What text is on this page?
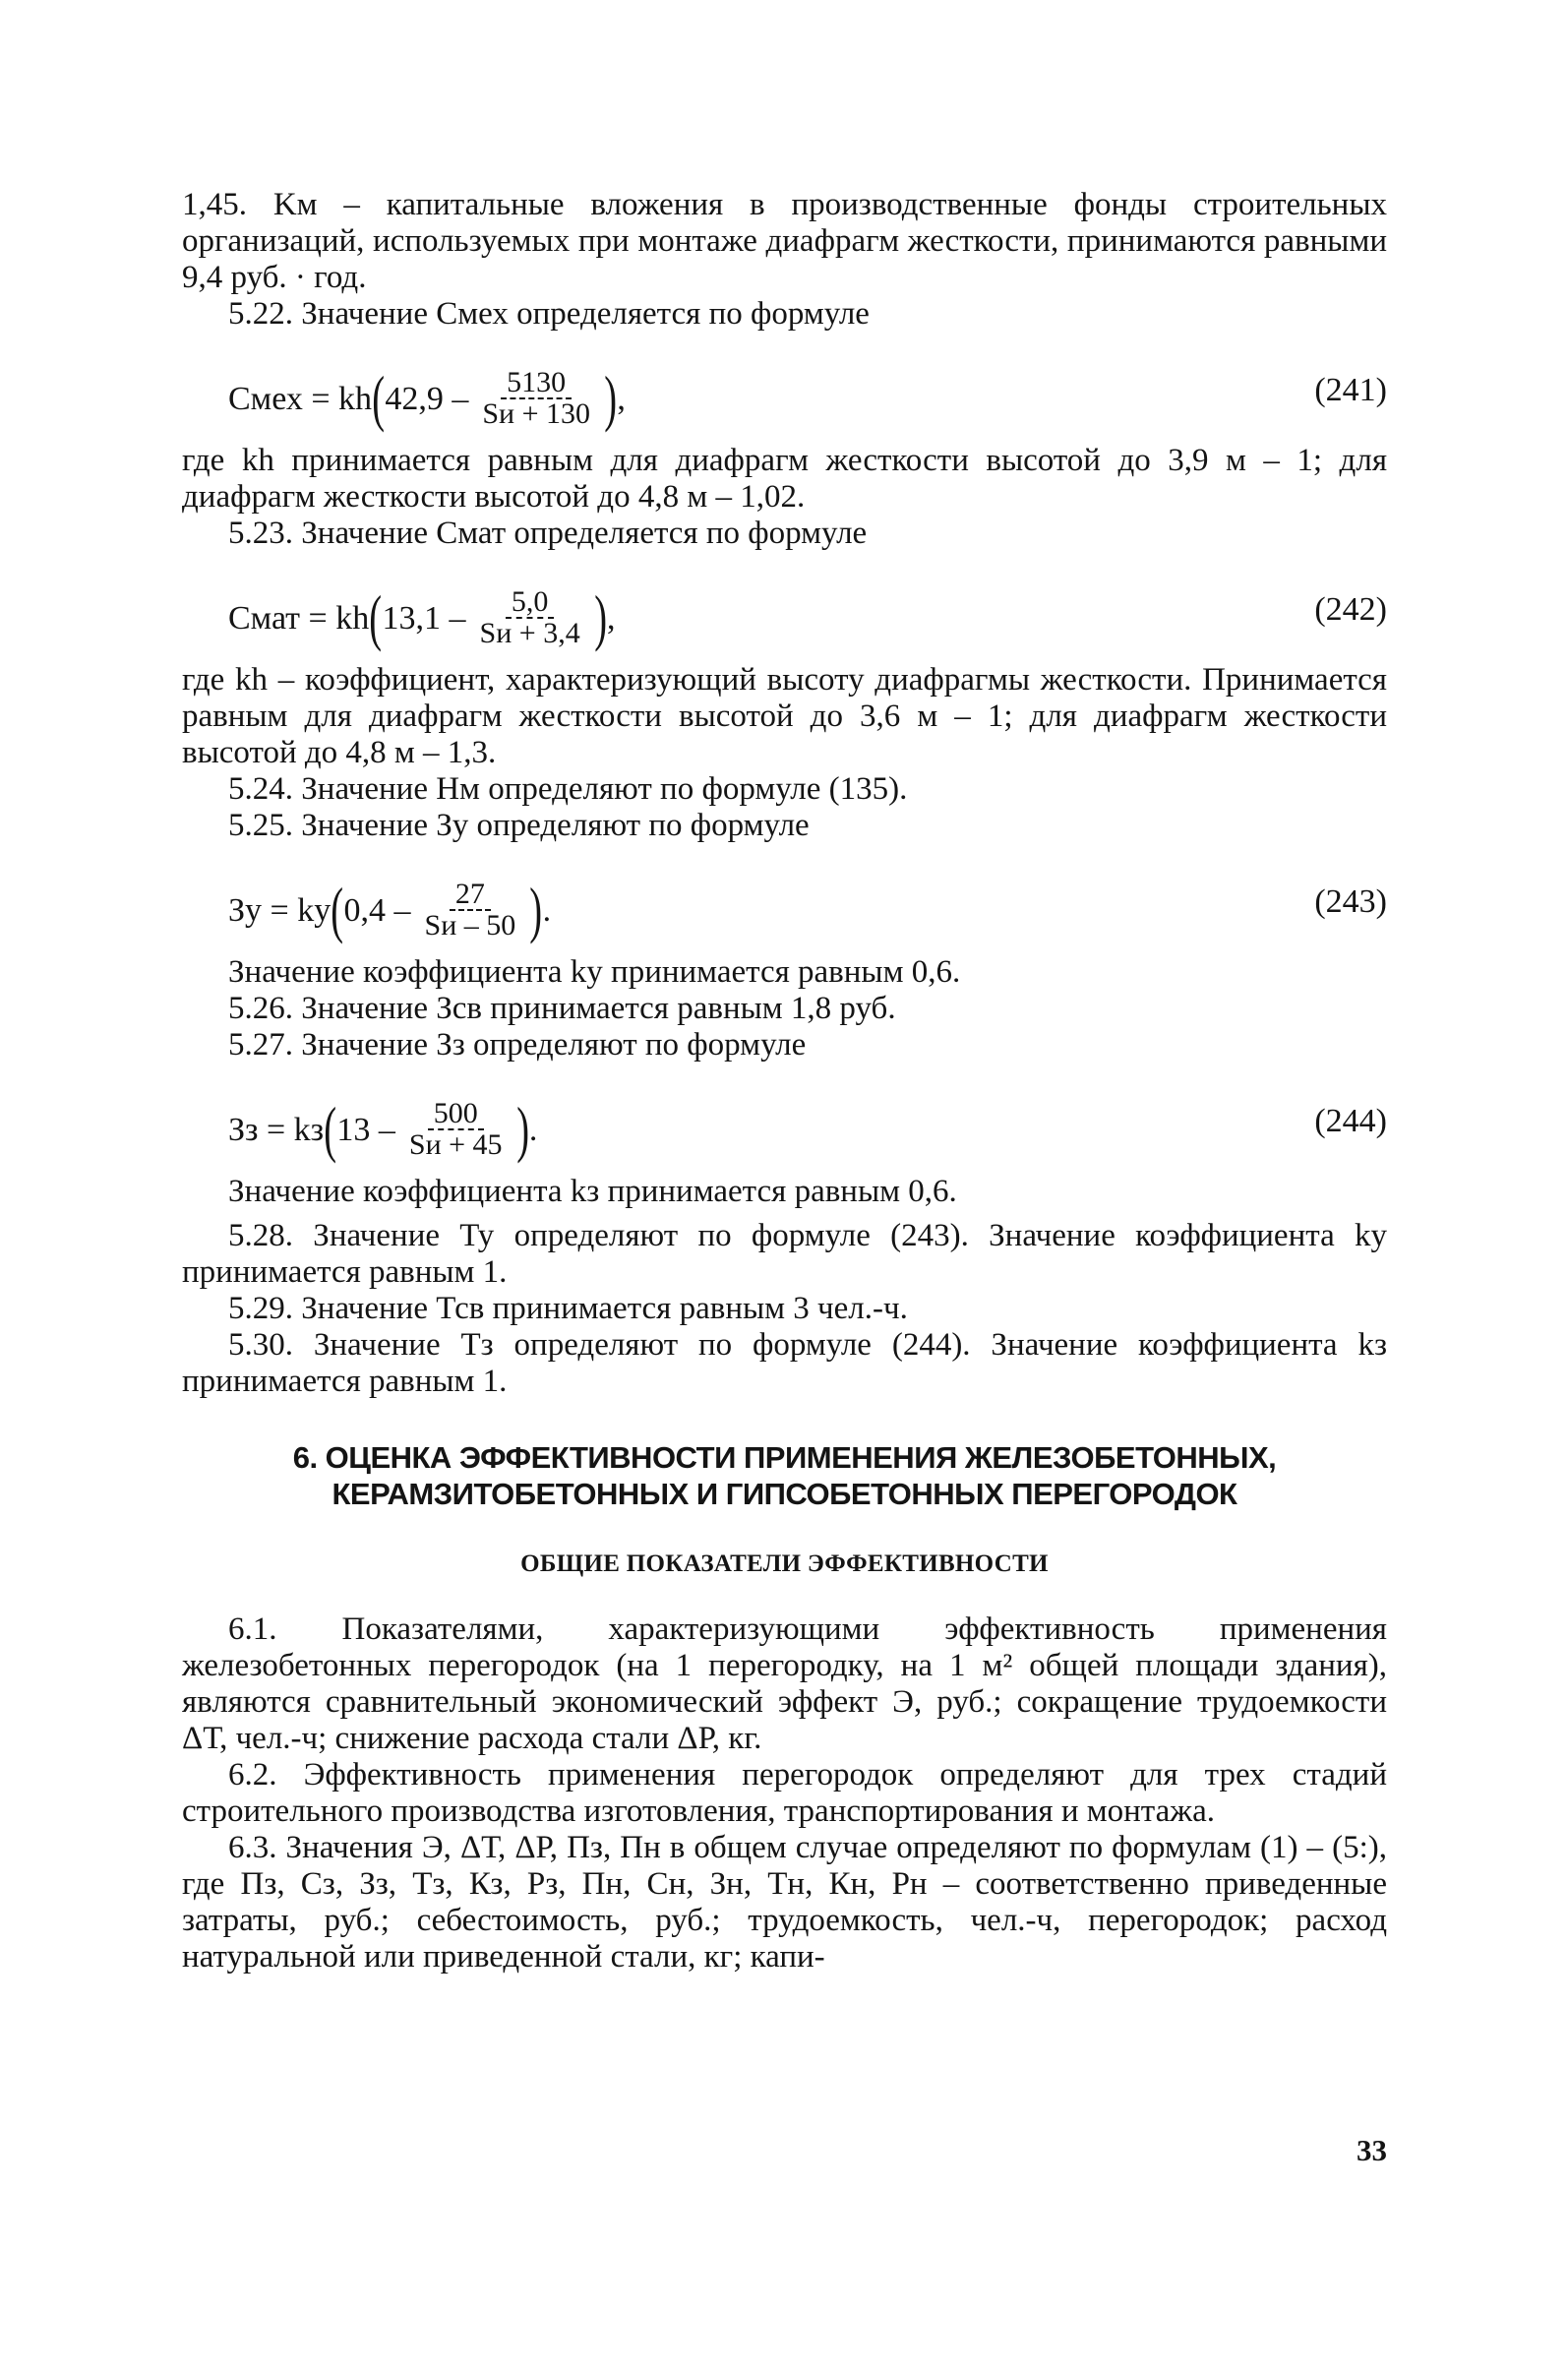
1,45. Kм – капитальные вложения в производственные фонды строительных организаций, используемых при монтаже диафрагм жесткости, принимаются равными 9,4 руб. · год.

5.22. Значение Смех определяется по формуле

Смех = kh ( $42,9 - \frac{5130}{Sи + 130}$ ) ,	(241)

где kh принимается равным для диафрагм жесткости высотой до 3,9 м – 1; для диафрагм жесткости высотой до 4,8 м – 1,02.

5.23. Значение Смат определяется по формуле

Смат = kh ( $13,1 - \frac{5,0}{Sи + 3,4}$ ) ,	(242)

где kh – коэффициент, характеризующий высоту диафрагмы жесткости. Принимается равным для диафрагм жесткости высотой до 3,6 м – 1; для диафрагм жесткости высотой до 4,8 м – 1,3.

5.24. Значение Нм определяют по формуле (135).

5.25. Значение Зу определяют по формуле

Зу = kу ( $0,4 - \frac{27}{Sи - 50}$ ) .	(243)

Значение коэффициента kу принимается равным 0,6.

5.26. Значение Зсв принимается равным 1,8 руб.

5.27. Значение Зз определяют по формуле

Зз = kз ( $13 - \frac{500}{Sи + 45}$ ) .	(244)

Значение коэффициента kз принимается равным 0,6.

5.28. Значение Ту определяют по формуле (243). Значение коэффициента kу принимается равным 1.

5.29. Значение Тсв принимается равным 3 чел.-ч.

5.30. Значение Тз определяют по формуле (244). Значение коэффициента kз принимается равным 1.

6. ОЦЕНКА ЭФФЕКТИВНОСТИ ПРИМЕНЕНИЯ ЖЕЛЕЗОБЕТОННЫХ, КЕРАМЗИТОБЕТОННЫХ И ГИПСОБЕТОННЫХ ПЕРЕГОРОДОК
ОБЩИЕ ПОКАЗАТЕЛИ ЭФФЕКТИВНОСТИ

6.1. Показателями, характеризующими эффективность применения железобетонных перегородок (на 1 перегородку, на 1 м² общей площади здания), являются сравнительный экономический эффект Э, руб.; сокращение трудоемкости ΔТ, чел.-ч; снижение расхода стали ΔР, кг.

6.2. Эффективность применения перегородок определяют для трех стадий строительного производства изготовления, транспортирования и монтажа.

6.3. Значения Э, ΔТ, ΔР, Пз, Пн в общем случае определяют по формулам (1) – (5:), где Пз, Сз, Зз, Тз, Кз, Рз, Пн, Сн, Зн, Тн, Кн, Рн – соответственно приведенные затраты, руб.; себестоимость, руб.; трудоемкость, чел.-ч, перегородок; расход натуральной или приведенной стали, кг; капи-

33
